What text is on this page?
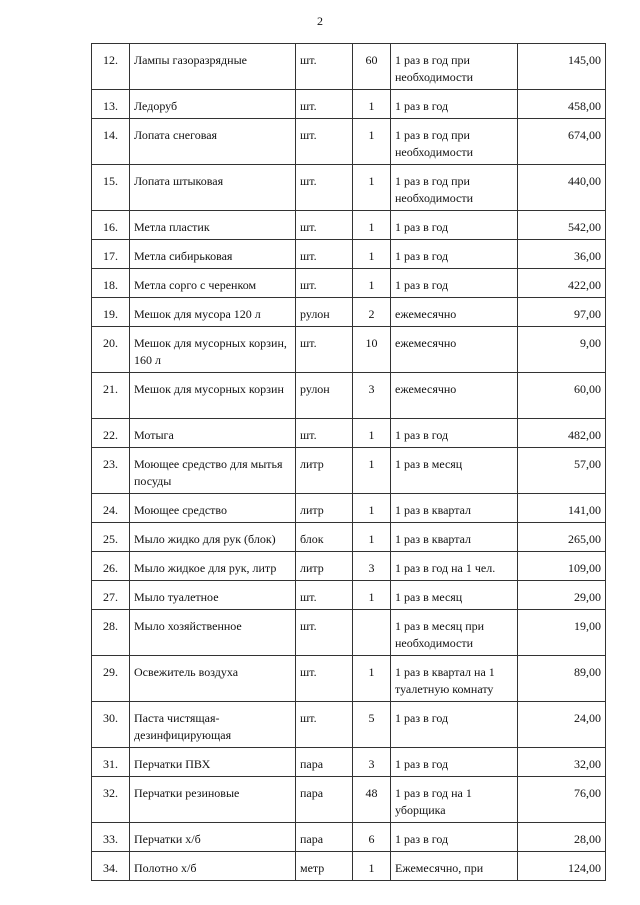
2
12.	Лампы газоразрядные	шт.	60	1 раз в год при необходимости	145,00
13.	Ледоруб	шт.	1	1 раз в год	458,00
14.	Лопата снеговая	шт.	1	1 раз в год при необходимости	674,00
15.	Лопата штыковая	шт.	1	1 раз в год при необходимости	440,00
16.	Метла пластик	шт.	1	1 раз в год	542,00
17.	Метла сибирьковая	шт.	1	1 раз в год	36,00
18.	Метла сорго с черенком	шт.	1	1 раз в год	422,00
19.	Мешок для мусора 120 л	рулон	2	ежемесячно	97,00
20.	Мешок для мусорных корзин, 160 л	шт.	10	ежемесячно	9,00
21.	Мешок для мусорных корзин	рулон	3	ежемесячно	60,00
22.	Мотыга	шт.	1	1 раз в год	482,00
23.	Моющее средство для мытья посуды	литр	1	1 раз в месяц	57,00
24.	Моющее средство	литр	1	1 раз в квартал	141,00
25.	Мыло жидко для рук (блок)	блок	1	1 раз в квартал	265,00
26.	Мыло жидкое для рук, литр	литр	3	1 раз в год на 1 чел.	109,00
27.	Мыло туалетное	шт.	1	1 раз в месяц	29,00
28.	Мыло хозяйственное	шт.		1 раз в месяц при необходимости	19,00
29.	Освежитель воздуха	шт.	1	1 раз в квартал на 1 туалетную комнату	89,00
30.	Паста чистящая-дезинфицирующая	шт.	5	1 раз в год	24,00
31.	Перчатки ПВХ	пара	3	1 раз в год	32,00
32.	Перчатки резиновые	пара	48	1 раз в год на 1 уборщика	76,00
33.	Перчатки х/б	пара	6	1 раз в год	28,00
34.	Полотно х/б	метр	1	Ежемесячно, при	124,00
